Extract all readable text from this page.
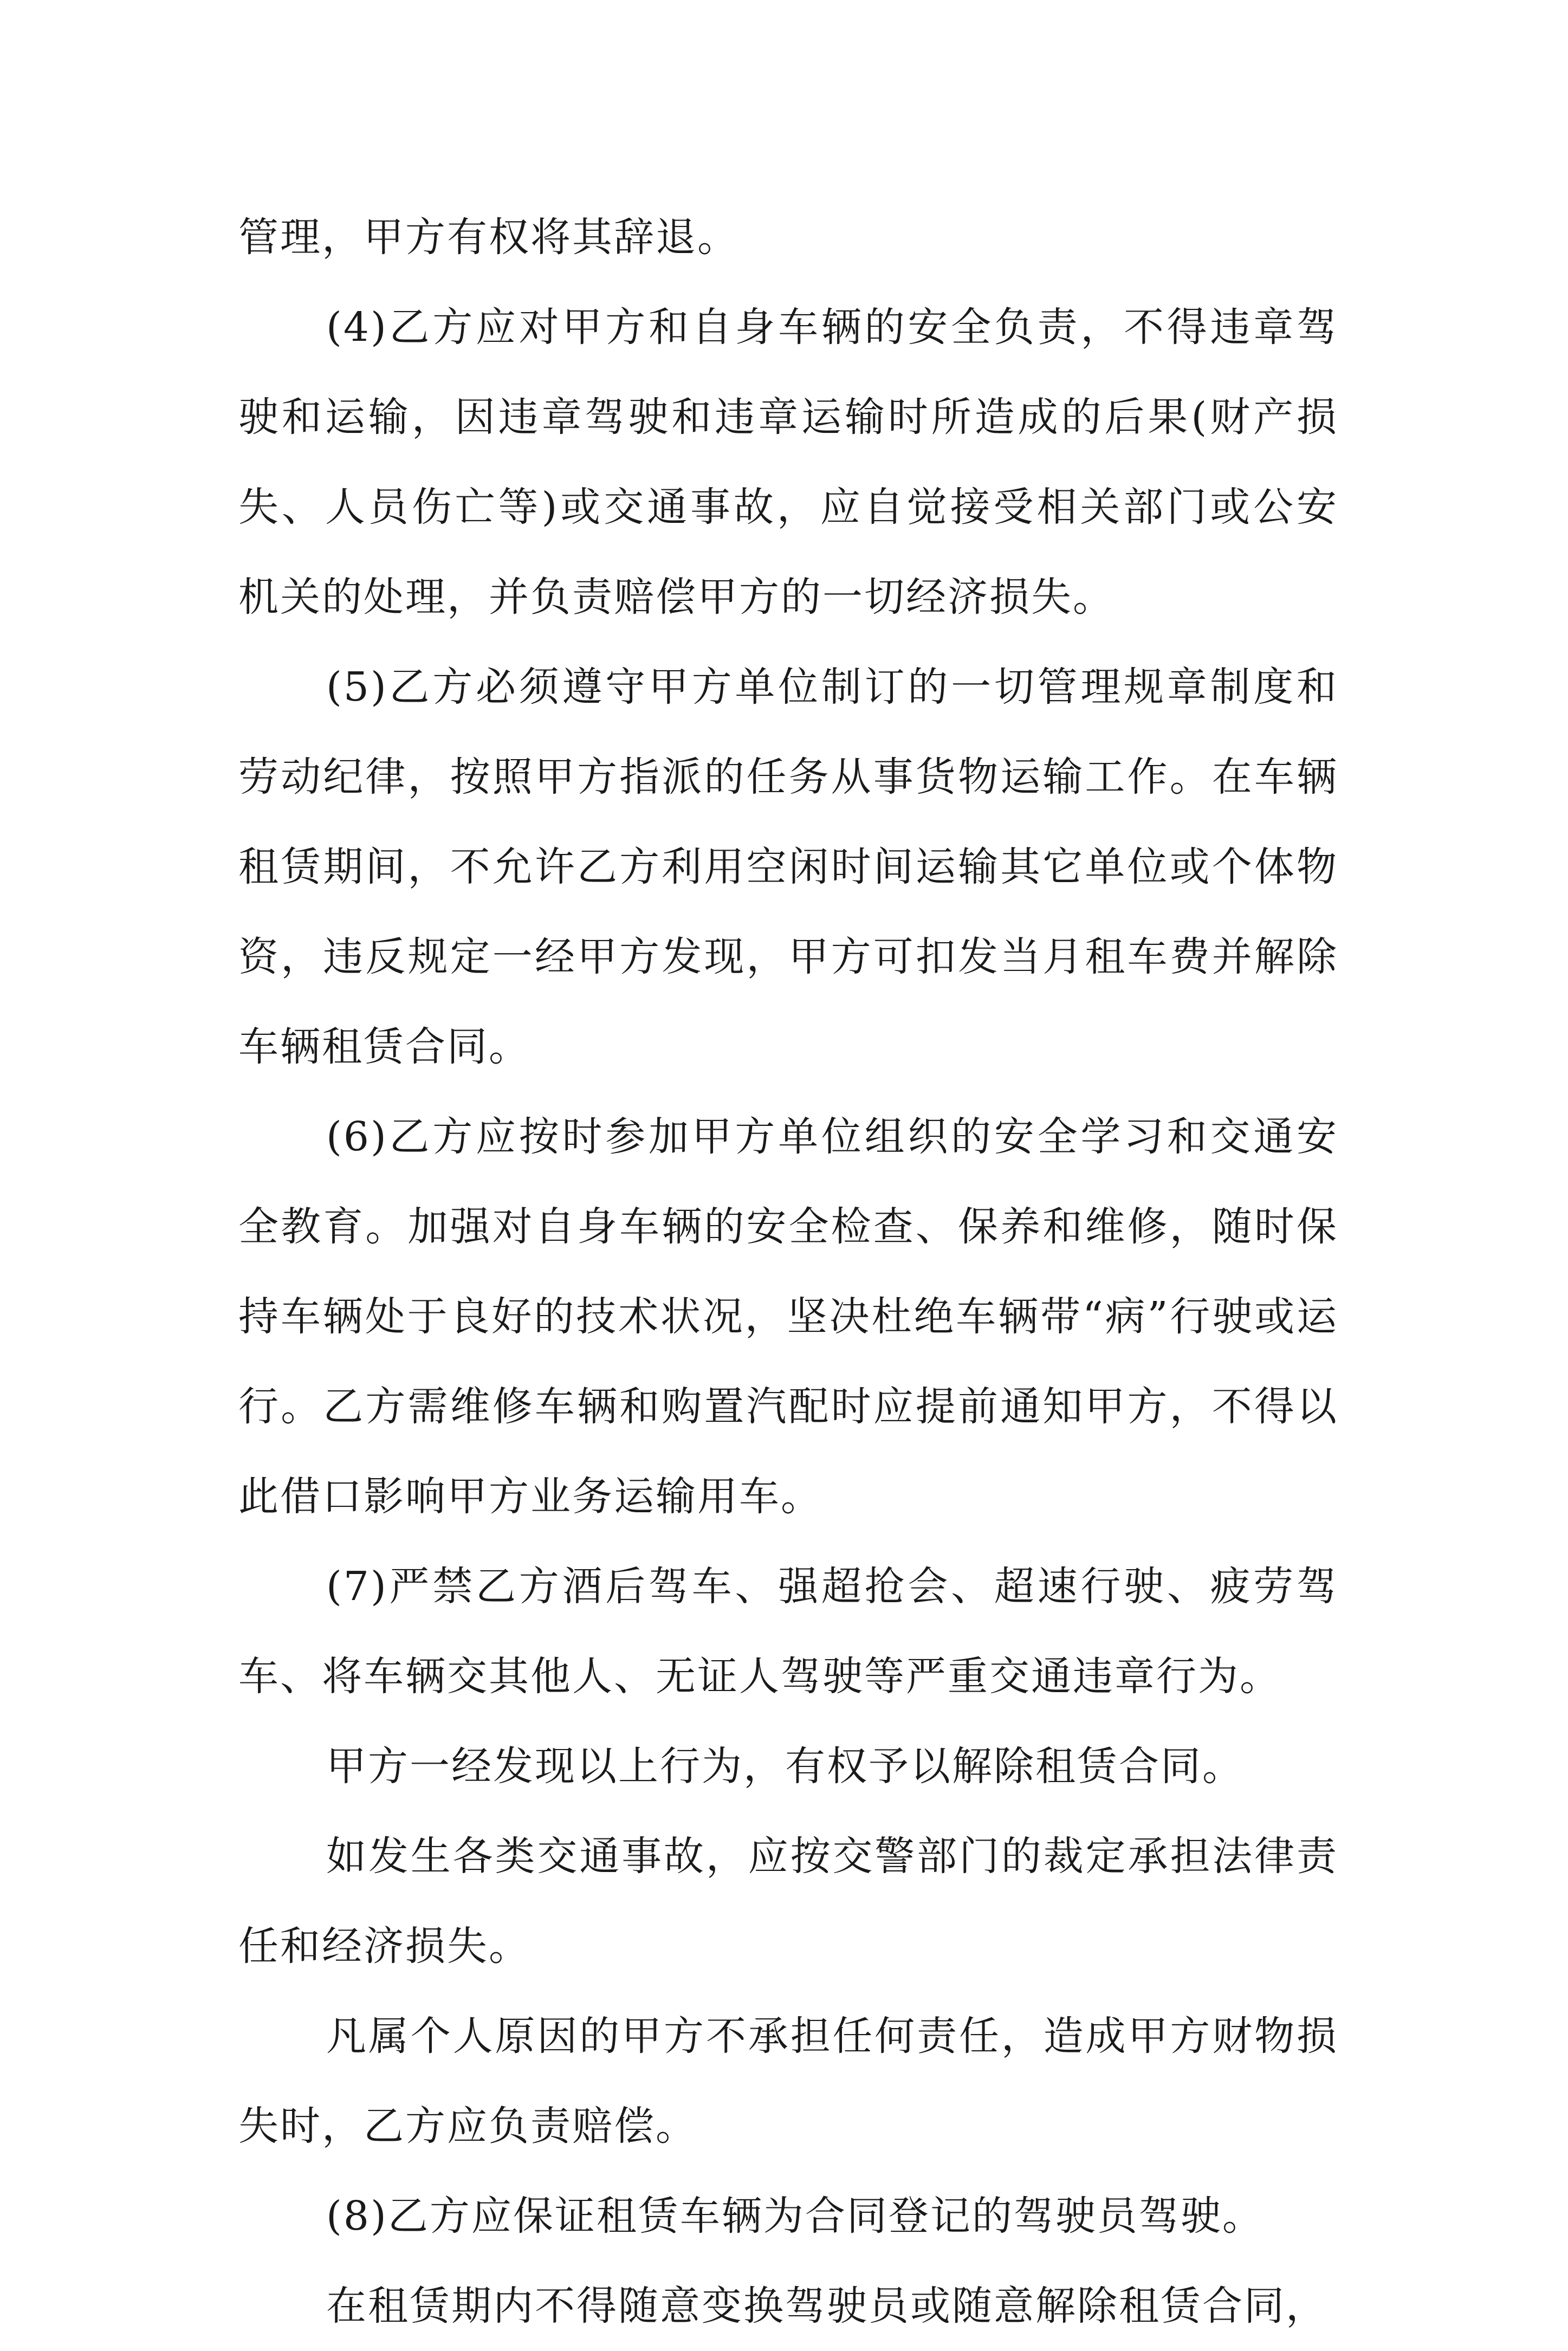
管理，甲方有权将其辞退。

(4)乙方应对甲方和自身车辆的安全负责，不得违章驾驶和运输，因违章驾驶和违章运输时所造成的后果(财产损失、人员伤亡等)或交通事故，应自觉接受相关部门或公安机关的处理，并负责赔偿甲方的一切经济损失。

(5)乙方必须遵守甲方单位制订的一切管理规章制度和劳动纪律，按照甲方指派的任务从事货物运输工作。在车辆租赁期间，不允许乙方利用空闲时间运输其它单位或个体物资，违反规定一经甲方发现，甲方可扣发当月租车费并解除车辆租赁合同。

(6)乙方应按时参加甲方单位组织的安全学习和交通安全教育。加强对自身车辆的安全检查、保养和维修，随时保持车辆处于良好的技术状况，坚决杜绝车辆带“病”行驶或运行。乙方需维修车辆和购置汽配时应提前通知甲方，不得以此借口影响甲方业务运输用车。

(7)严禁乙方酒后驾车、强超抢会、超速行驶、疲劳驾车、将车辆交其他人、无证人驾驶等严重交通违章行为。

甲方一经发现以上行为，有权予以解除租赁合同。

如发生各类交通事故，应按交警部门的裁定承担法律责任和经济损失。

凡属个人原因的甲方不承担任何责任，造成甲方财物损失时，乙方应负责赔偿。

(8)乙方应保证租赁车辆为合同登记的驾驶员驾驶。

在租赁期内不得随意变换驾驶员或随意解除租赁合同，
